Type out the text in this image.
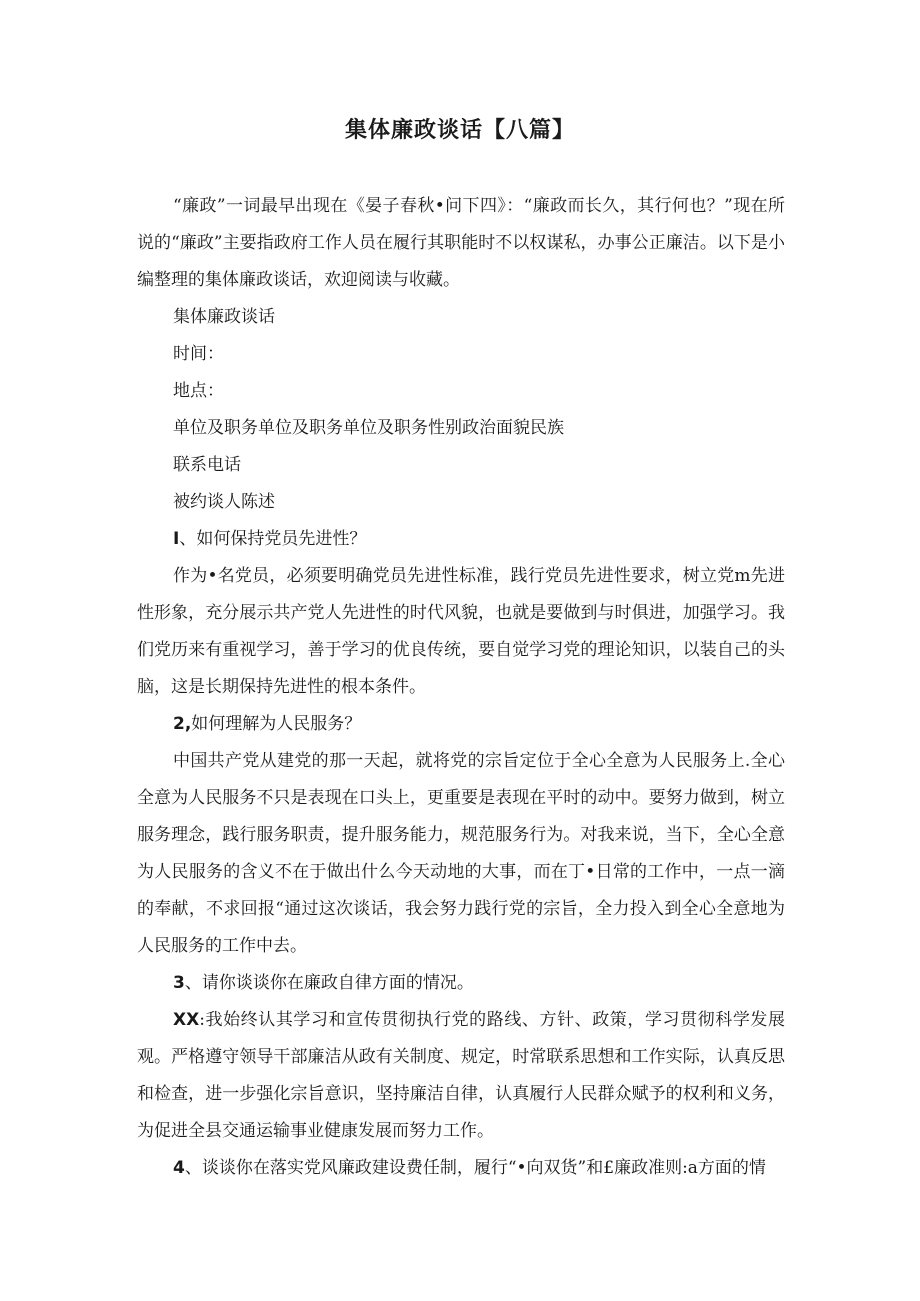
集体廉政谈话【八篇】

“廉政”一词最早出现在《晏子春秋•问下四》：“廉政而长久，其行何也？”现在所说的“廉政”主要指政府工作人员在履行其职能时不以权谋私，办事公正廉洁。以下是小编整理的集体廉政谈话，欢迎阅读与收藏。

集体廉政谈话

时间：

地点：

单位及职务单位及职务单位及职务性别政治面貌民族

联系电话

被约谈人陈述

I、如何保持党员先进性？

作为•名党员，必须要明确党员先进性标准，践行党员先进性要求，树立党m先进性形象，充分展示共产党人先进性的时代风貌，也就是要做到与时俱进，加强学习。我们党历来有重视学习，善于学习的优良传统，要自觉学习党的理论知识，以装自己的头脑，这是长期保持先进性的根本条件。

2,如何理解为人民服务？

中国共产党从建党的那一天起，就将党的宗旨定位于全心全意为人民服务上.全心全意为人民服务不只是表现在口头上，更重要是表现在平时的动中。要努力做到，树立服务理念，践行服务职责，提升服务能力，规范服务行为。对我来说，当下，全心全意为人民服务的含义不在于做出什么今天动地的大事，而在丁•日常的工作中，一点一滴的奉献，不求回报“通过这次谈话，我会努力践行党的宗旨，全力投入到全心全意地为人民服务的工作中去。

3、请你谈谈你在廉政自律方面的情况。

XX:我始终认其学习和宣传贯彻执行党的路线、方针、政策，学习贯彻科学发展观。严格遵守领导干部廉洁从政有关制度、规定，时常联系思想和工作实际，认真反思和检查，进一步强化宗旨意识，坚持廉洁自律，认真履行人民群众赋予的权利和义务，为促进全县交通运输事业健康发展而努力工作。

4、谈谈你在落实党风廉政建设费任制，履行“•向双货”和£廉政准则:a方面的情
